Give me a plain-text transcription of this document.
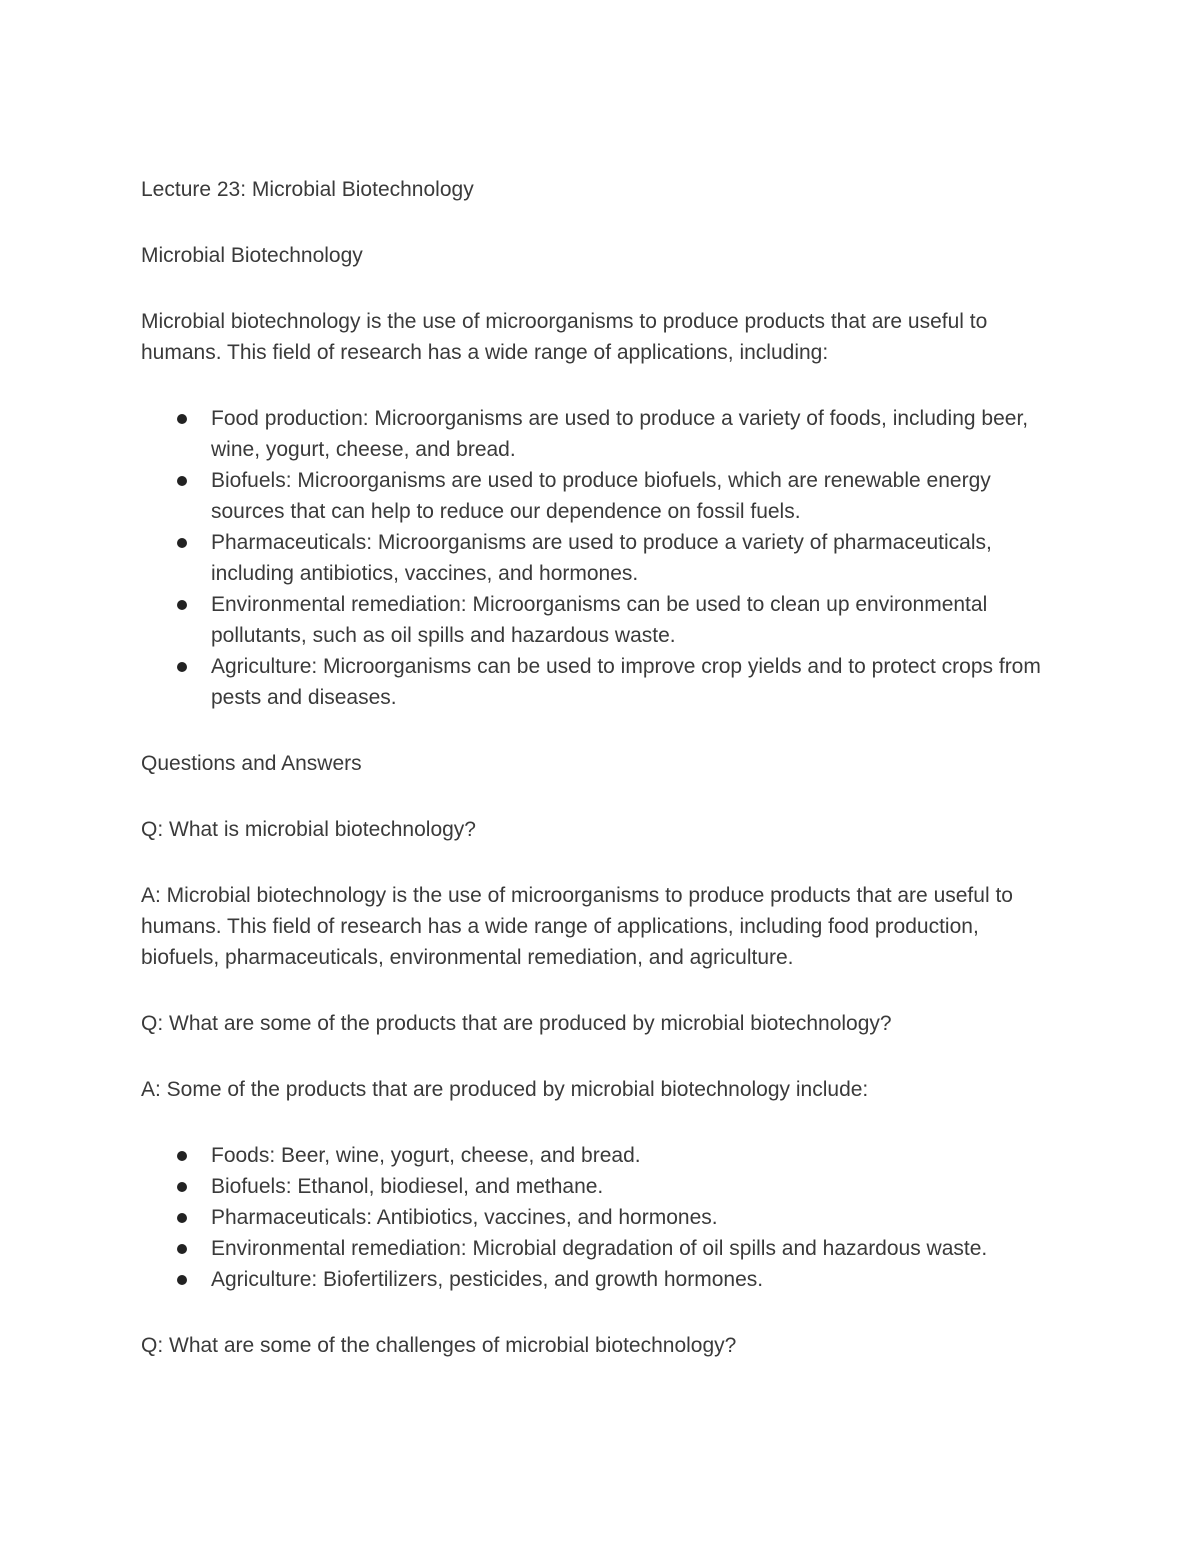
Lecture 23: Microbial Biotechnology

Microbial Biotechnology

Microbial biotechnology is the use of microorganisms to produce products that are useful to humans. This field of research has a wide range of applications, including:

Food production: Microorganisms are used to produce a variety of foods, including beer, wine, yogurt, cheese, and bread.
Biofuels: Microorganisms are used to produce biofuels, which are renewable energy sources that can help to reduce our dependence on fossil fuels.
Pharmaceuticals: Microorganisms are used to produce a variety of pharmaceuticals, including antibiotics, vaccines, and hormones.
Environmental remediation: Microorganisms can be used to clean up environmental pollutants, such as oil spills and hazardous waste.
Agriculture: Microorganisms can be used to improve crop yields and to protect crops from pests and diseases.

Questions and Answers

Q: What is microbial biotechnology?

A: Microbial biotechnology is the use of microorganisms to produce products that are useful to humans. This field of research has a wide range of applications, including food production, biofuels, pharmaceuticals, environmental remediation, and agriculture.

Q: What are some of the products that are produced by microbial biotechnology?

A: Some of the products that are produced by microbial biotechnology include:

Foods: Beer, wine, yogurt, cheese, and bread.
Biofuels: Ethanol, biodiesel, and methane.
Pharmaceuticals: Antibiotics, vaccines, and hormones.
Environmental remediation: Microbial degradation of oil spills and hazardous waste.
Agriculture: Biofertilizers, pesticides, and growth hormones.

Q: What are some of the challenges of microbial biotechnology?
